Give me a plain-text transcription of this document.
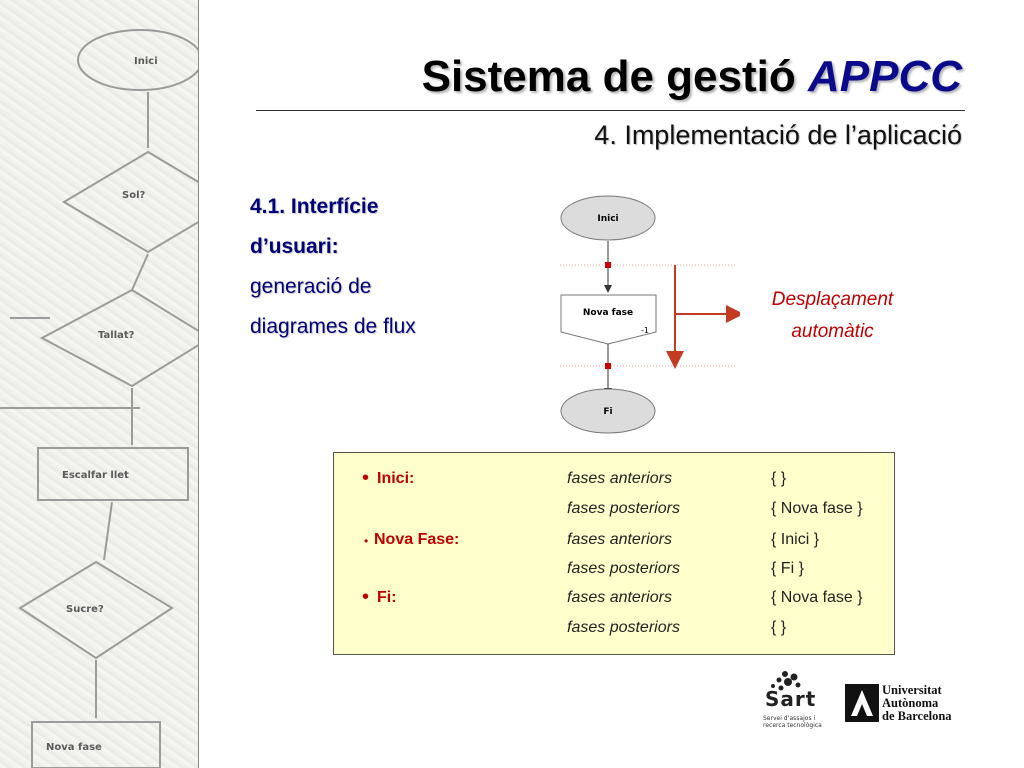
Inici
Sol?
Tallat?
Escalfar llet
Sucre?
Nova fase
Sistema de gestió APPCC
4. Implementació de l’aplicació
4.1. Interfície
d’usuari:
generació de
diagrames de flux
Inici
Nova fase
-1
Fi
Desplaçament
automàtic
• Inici:	fases anteriors	{ }
fases posteriors	{ Nova fase }
• Nova Fase:	fases anteriors	{ Inici }
fases posteriors	{ Fi }
• Fi:	fases anteriors	{ Nova fase }
fases posteriors	{ }
Sart
Servei d’assajos i
recerca tecnològica
Universitat
Autònoma
de Barcelona
